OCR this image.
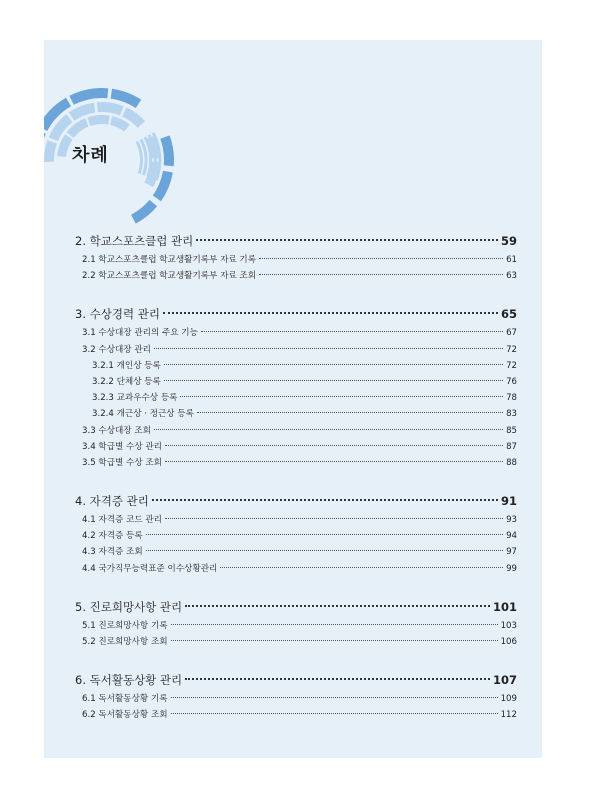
차례
2. 학교스포츠클럽 관리	59
2.1 학교스포츠클럽 학교생활기록부 자료 기록	61
2.2 학교스포츠클럽 학교생활기록부 자료 조회	63
3. 수상경력 관리	65
3.1 수상대장 관리의 주요 기능	67
3.2 수상대장 관리	72
3.2.1 개인상 등록	72
3.2.2 단체상 등록	76
3.2.3 교과우수상 등록	78
3.2.4 개근상 · 정근상 등록	83
3.3 수상대장 조회	85
3.4 학급별 수상 관리	87
3.5 학급별 수상 조회	88
4. 자격증 관리	91
4.1 자격증 코드 관리	93
4.2 자격증 등록	94
4.3 자격증 조회	97
4.4 국가직무능력표준 이수상황관리	99
5. 진로희망사항 관리	101
5.1 진로희망사항 기록	103
5.2 진로희망사항 조회	106
6. 독서활동상황 관리	107
6.1 독서활동상황 기록	109
6.2 독서활동상황 조회	112
